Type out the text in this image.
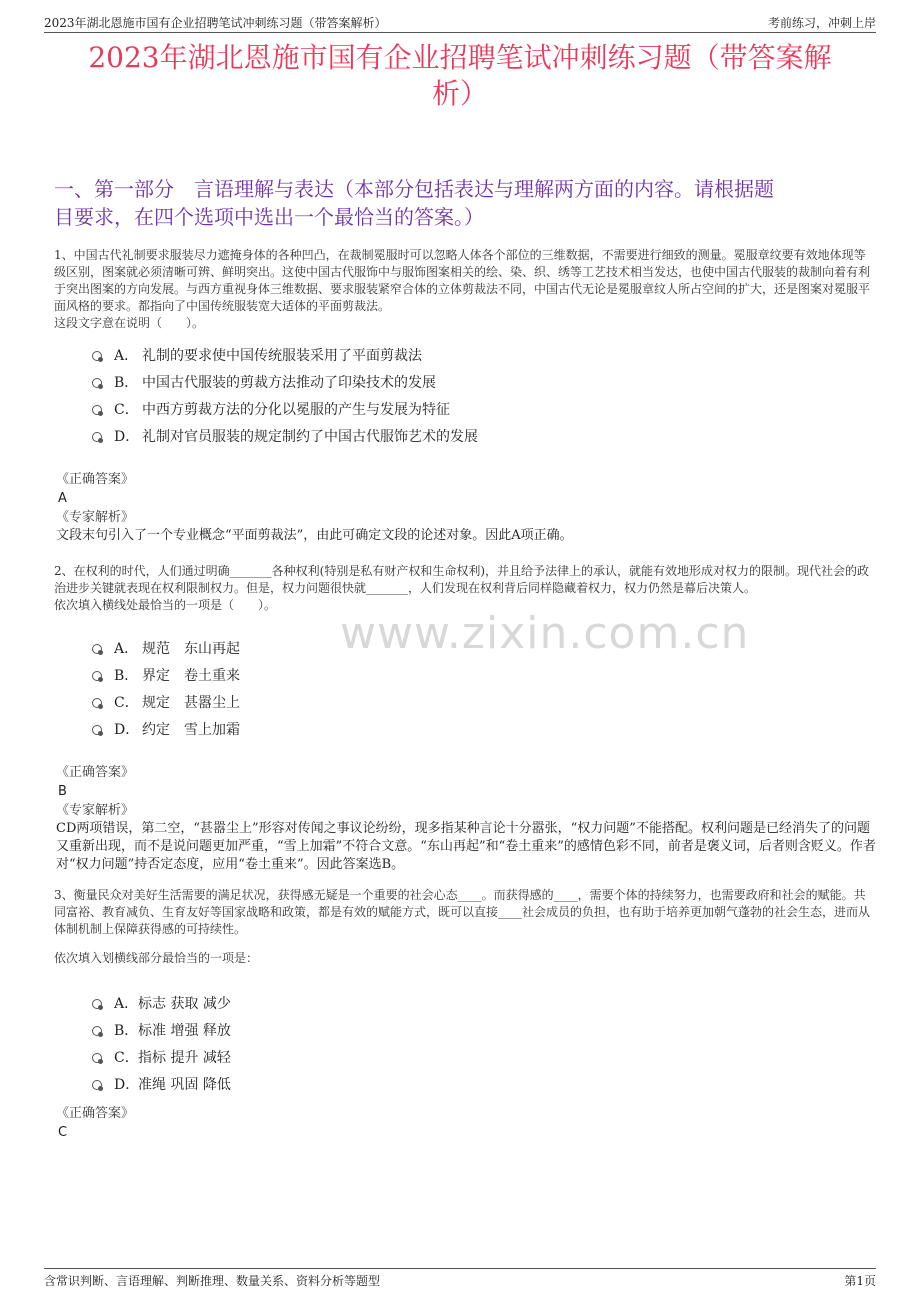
2023年湖北恩施市国有企业招聘笔试冲刺练习题（带答案解析）	考前练习，冲刺上岸
2023年湖北恩施市国有企业招聘笔试冲刺练习题（带答案解
析）
一、第一部分　言语理解与表达（本部分包括表达与理解两方面的内容。请根据题
目要求，在四个选项中选出一个最恰当的答案。）
www.zixin.com.cn

1、中国古代礼制要求服装尽力遮掩身体的各种凹凸，在裁制冕服时可以忽略人体各个部位的三维数据，不需要进行细致的测量。冕服章纹要有效地体现等级区别，图案就必须清晰可辨、鲜明突出。这使中国古代服饰中与服饰图案相关的绘、染、织、绣等工艺技术相当发达，也使中国古代服装的裁制向着有利于突出图案的方向发展。与西方重视身体三维数据、要求服装紧窄合体的立体剪裁法不同，中国古代无论是冕服章纹人所占空间的扩大，还是图案对冕服平面风格的要求。都指向了中国传统服装宽大适体的平面剪裁法。

这段文字意在说明（　　）。

A． 礼制的要求使中国传统服装采用了平面剪裁法
B． 中国古代服装的剪裁方法推动了印染技术的发展
C． 中西方剪裁方法的分化以冕服的产生与发展为特征
D． 礼制对官员服装的规定制约了中国古代服饰艺术的发展
《正确答案》
A
《专家解析》
文段末句引入了一个专业概念“平面剪裁法”，由此可确定文段的论述对象。因此A项正确。

2、在权利的时代，人们通过明确_______各种权利(特别是私有财产权和生命权利)，并且给予法律上的承认，就能有效地形成对权力的限制。现代社会的政治进步关键就表现在权利限制权力。但是，权力问题很快就_______，人们发现在权利背后同样隐藏着权力，权力仍然是幕后决策人。

依次填入横线处最恰当的一项是（　　）。

A． 规范　东山再起
B． 界定　卷土重来
C． 规定　甚嚣尘上
D． 约定　雪上加霜
《正确答案》
B
《专家解析》
CD两项错误，第二空，“甚嚣尘上”形容对传闻之事议论纷纷，现多指某种言论十分嚣张，“权力问题”不能搭配。权利问题是已经消失了的问题又重新出现，而不是说问题更加严重，“雪上加霜”不符合文意。“东山再起”和“卷土重来”的感情色彩不同，前者是褒义词，后者则含贬义。作者对“权力问题”持否定态度，应用“卷土重来”。因此答案选B。

3、衡量民众对美好生活需要的满足状况，获得感无疑是一个重要的社会心态____。而获得感的____，需要个体的持续努力，也需要政府和社会的赋能。共同富裕、教育减负、生育友好等国家战略和政策，都是有效的赋能方式，既可以直接____社会成员的负担，也有助于培养更加朝气蓬勃的社会生态，进而从体制机制上保障获得感的可持续性。

依次填入划横线部分最恰当的一项是：

A． 标志 获取 减少
B． 标准 增强 释放
C． 指标 提升 减轻
D．
准绳 巩固 降低
《正确答案》
C
含常识判断、言语理解、判断推理、数量关系、资料分析等题型	第1页
